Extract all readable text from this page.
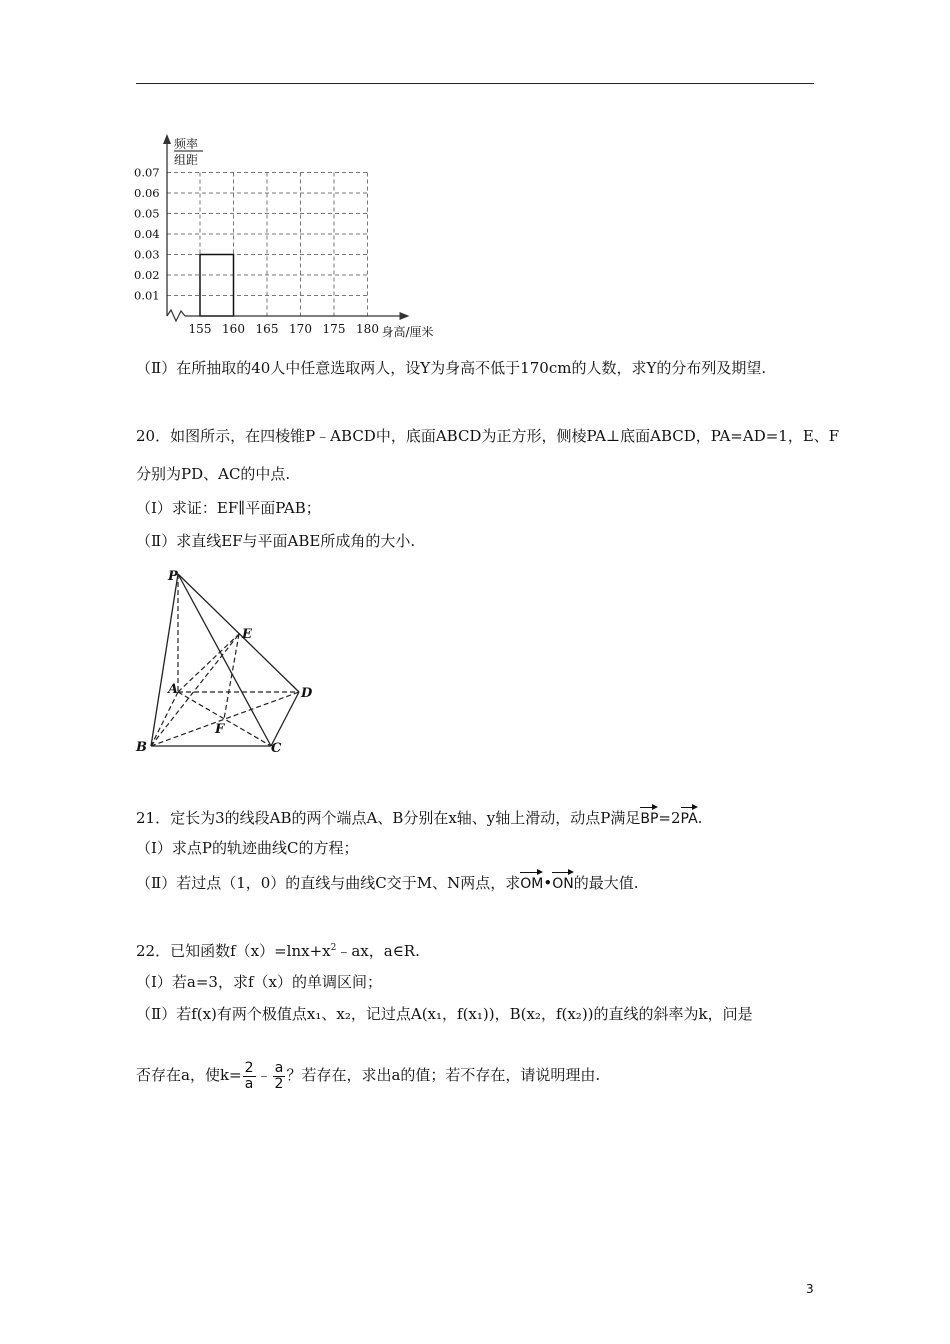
0.01
0.02
0.03
0.04
0.05
0.06
0.07
155 160 165 170 175 180
频率
组距
身高/厘米
（Ⅱ）在所抽取的40人中任意选取两人，设Y为身高不低于170cm的人数，求Y的分布列及期望.
20．如图所示，在四棱锥P﹣ABCD中，底面ABCD为正方形，侧棱PA⊥底面ABCD，PA=AD=1，E、F
分别为PD、AC的中点.
（Ⅰ）求证：EF∥平面PAB；
（Ⅱ）求直线EF与平面ABE所成角的大小.
P
E
A	D
F
B	C
21．定长为3的线段AB的两个端点A、B分别在x轴、y轴上滑动，动点P满足BP=2PA.
（Ⅰ）求点P的轨迹曲线C的方程；
（Ⅱ）若过点（1，0）的直线与曲线C交于M、N两点，求OM•ON的最大值.
22．已知函数$f(x)=\ln x+x^2﹣ax$，a∈R.
（Ⅰ）若a=3，求f（x）的单调区间；
（Ⅱ）若f(x)有两个极值点x₁、x₂，记过点A(x₁，f(x₁))，B(x₂，f(x₂))的直线的斜率为k，问是
否存在a，使$k= \frac{2}{a}$ ﹣ $\frac{a}{2}$ ？若存在，求出a的值；若不存在，请说明理由.
3
